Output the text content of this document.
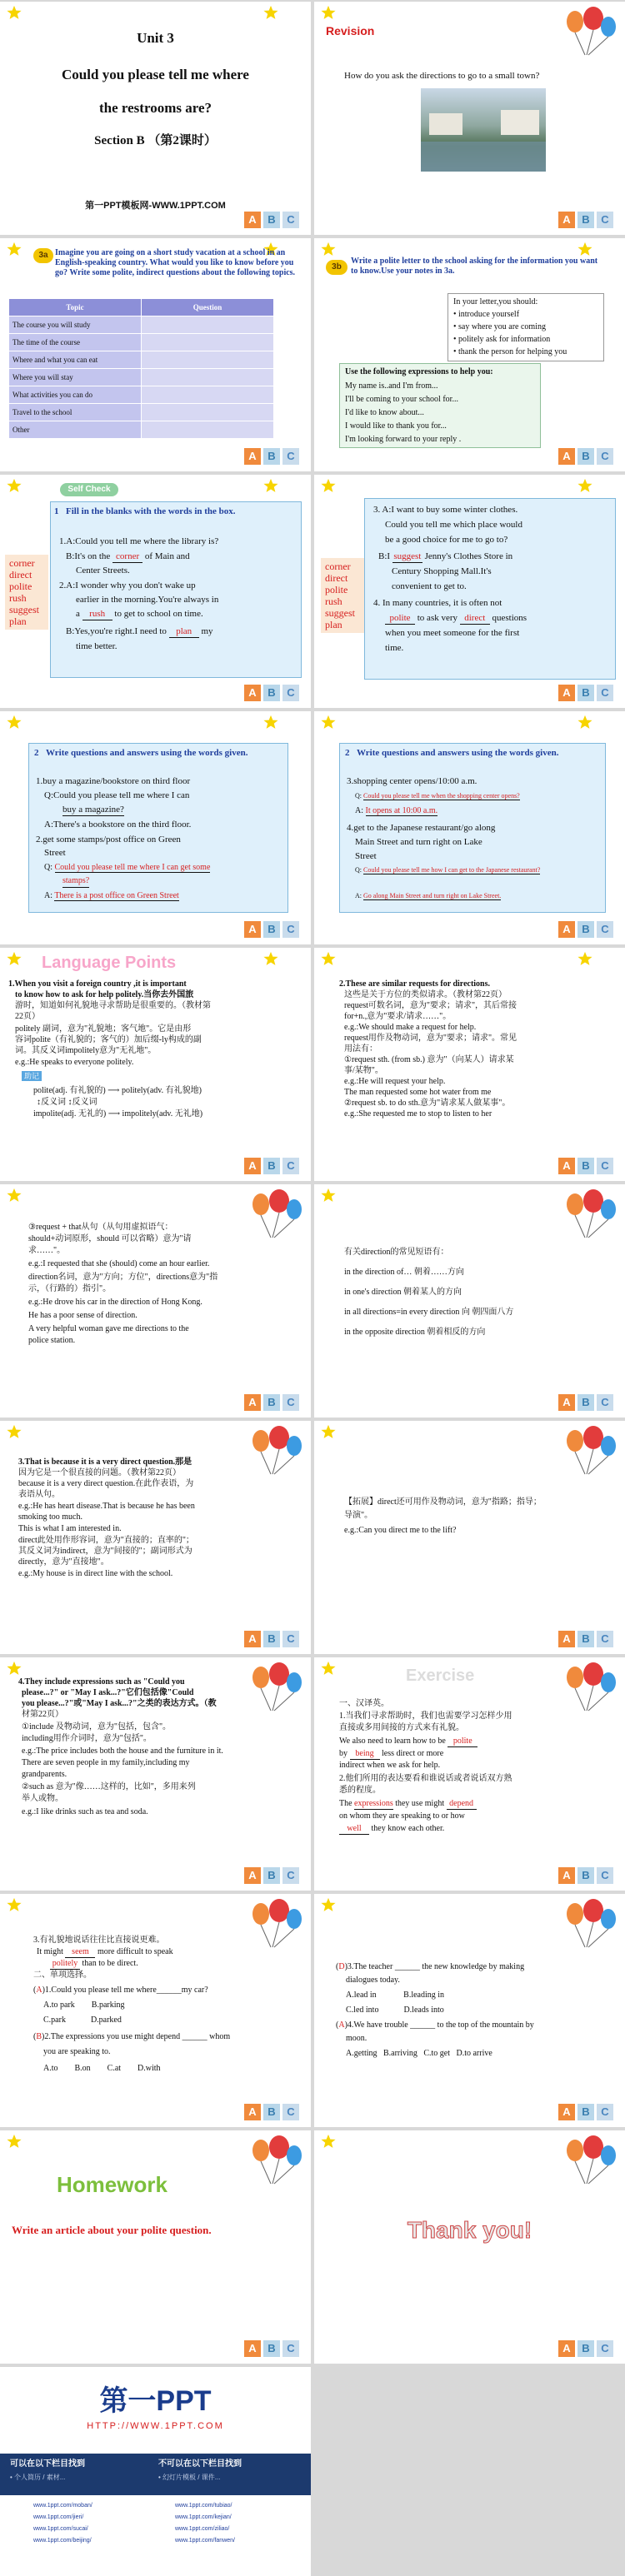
Unit 3
Could you please tell me where
the restrooms are?
Section B （第2课时）
第一PPT模板网-WWW.1PPT.COM
A	B	C
Revision
How do you ask the directions to go to a small town?
A	B	C
3a Imagine you are going on a short study vacation at a school in an English-speaking country. What would you like to know before you go? Write some polite, indirect questions about the following topics.
Topic	Question
The course you will study	
The time of the course	
Where and what you can eat	
Where you will stay	
What activities you can do	
Travel to the school	
Other	
A	B	C
3b
Write a polite letter to the school asking for the information you want to know.Use your notes in 3a.
In your letter,you should:
• introduce yourself
• say where you are coming
• politely ask for information
• thank the person for helping you
Use the following expressions to help you:
My name is..and I'm from...
I'll be coming to your school for...
I'd like to know about...
I would like to thank you for...
I'm looking forward to your reply .
A	B	C
Self Check
1 Fill in the blanks with the words in the box.
1.A:Could you tell me where the library is?
B:It's on the corner of Main and
Center Streets.
2.A:I wonder why you don't wake up
earlier in the morning.You're always in
a rush to get to school on time.
B:Yes,you're right.I need to plan my
time better.
corner
direct
polite
rush
suggest
plan
A	B	C
corner
direct
polite
rush
suggest
plan
3. A:I want to buy some winter clothes.
Could you tell me which place would
be a good choice for me to go to?
B:I suggest Jenny's Clothes Store in
Century Shopping Mall.It's
convenient to get to.
4. In many countries, it is often not
polite to ask very direct questions
when you meet someone for the first
time.
A	B	C
2 Write questions and answers using the words given.
1.buy a magazine/bookstore on third floor
Q:Could you please tell me where I can
buy a magazine?
A:There's a bookstore on the third floor.
2.get some stamps/post office on Green
Street
Q: Could you please tell me where I can get some
stamps?
A: There is a post office on Green Street
A	B	C
2 Write questions and answers using the words given.
3.shopping center opens/10:00 a.m.
Q: Could you please tell me when the shopping center opens?
A: It opens at 10:00 a.m.
4.get to the Japanese restaurant/go along
Main Street and turn right on Lake
Street
Q: Could you please tell me how I can get to the Japanese restaurant?
A: Go along Main Street and turn right on Lake Street.
A	B	C
Language Points
1.When you visit a foreign country ,it is important
to know how to ask for help politely.当你去外国旅
游时，知道如何礼貌地寻求帮助是很重要的。（教材第
22页）
politely 副词，意为"礼貌地；客气地"。它是由形
容词polite（有礼貌的；客气的）加后缀-ly构成的副
词。其反义词impolitely意为"无礼地"。
e.g.:He speaks to everyone politely.
助记
polite(adj. 有礼貌的) ⟶ politely(adv. 有礼貌地)
↕反义词 ↕反义词
impolite(adj. 无礼的) ⟶ impolitely(adv. 无礼地)
A	B	C
2.These are similar requests for directions.
这些是关于方位的类似请求。（教材第22页）
request可数名词，意为"要求；请求"，其后常接
for+n.,意为"要求/请求……"。
e.g.:We should make a request for help.
request用作及物动词，意为"要求；请求"。常见
用法有：
①request sth. (from sb.) 意为"（向某人）请求某
事/某物"。
e.g.:He will request your help.
The man requested some hot water from me
②request sb. to do sth.意为"请求某人做某事"。
e.g.:She requested me to stop to listen to her
A	B	C
③request + that从句（从句用虚拟语气：
should+动词原形，should 可以省略）意为"请
求……"。
e.g.:I requested that she (should) come an hour earlier.
direction名词，意为"方向；方位"，directions意为"指
示，（行路的）指引"。
e.g.:He drove his car in the direction of Hong Kong.
He has a poor sense of direction.
A very helpful woman gave me directions to the
police station.
A	B	C
有关direction的常见短语有：
in the direction of… 朝着……方向
in one's direction 朝着某人的方向
in all directions=in every direction 向 朝四面八方
in the opposite direction 朝着相反的方向
A	B	C
3.That is because it is a very direct question.那是
因为它是一个很直接的问题。（教材第22页）
because it is a very direct question.在此作表语，为
表语从句。
e.g.:He has heart disease.That is because he has been
smoking too much.
This is what I am interested in.
direct此处用作形容词，意为"直接的；直率的"；
其反义词为indirect，意为"间接的"；副词形式为
directly，意为"直接地"。
e.g.:My house is in direct line with the school.
A	B	C
【拓展】direct还可用作及物动词，意为"指路；指导；
导演"。
e.g.:Can you direct me to the lift?
A	B	C
4.They include expressions such as "Could you
please...?" or "May I ask...?"它们包括像"Could
you please...?"或"May I ask...?"之类的表达方式。（教
材第22页）
①include 及物动词，意为"包括，包含"。
including用作介词时，意为"包括"。
e.g.:The price includes both the house and the furniture in it.
There are seven people in my family,including my
grandparents.
②such as 意为"像……这样的，比如"，多用来列
举人或物。
e.g.:I like drinks such as tea and soda.
A	B	C
Exercise
一、汉译英。
1.当我们寻求帮助时，我们也需要学习怎样少用
直接或多用间接的方式来有礼貌。
We also need to learn how to be polite
by being less direct or more
indirect when we ask for help.
2.他们所用的表达要看和谁说话或者说话双方熟
悉的程度。
The expressions they use might depend
on whom they are speaking to or how
well they know each other.
A	B	C
3.有礼貌地说话往往比直接说更难。
It might seem more difficult to speak
politely than to be direct.
二、单项选择。
(A)1.Could you please tell me where______my car?
A.to park        B.parking
C.park            D.parked
(B)2.The expressions you use might depend ______ whom
you are speaking to.
A.to        B.on        C.at        D.with
A	B	C
(D)3.The teacher ______ the new knowledge by making
dialogues today.
A.lead in             B.leading in
C.led into            D.leads into
(A)4.We have trouble ______ to the top of the mountain by
moon.
A.getting   B.arriving   C.to get   D.to arrive
A	B	C
Homework
Write an article about your polite question.
A	B	C
Thank you!
A	B	C
第一PPT
HTTP://WWW.1PPT.COM
可以在以下栏目找到	不可以在以下栏目找到
• 个人简历 / 素材...	• 幻灯片模板 / 课件...
www.1ppt.com/moban/
www.1ppt.com/jieri/
www.1ppt.com/sucai/
www.1ppt.com/beijing/
www.1ppt.com/tubiao/
www.1ppt.com/kejian/
www.1ppt.com/ziliao/
www.1ppt.com/fanwen/
